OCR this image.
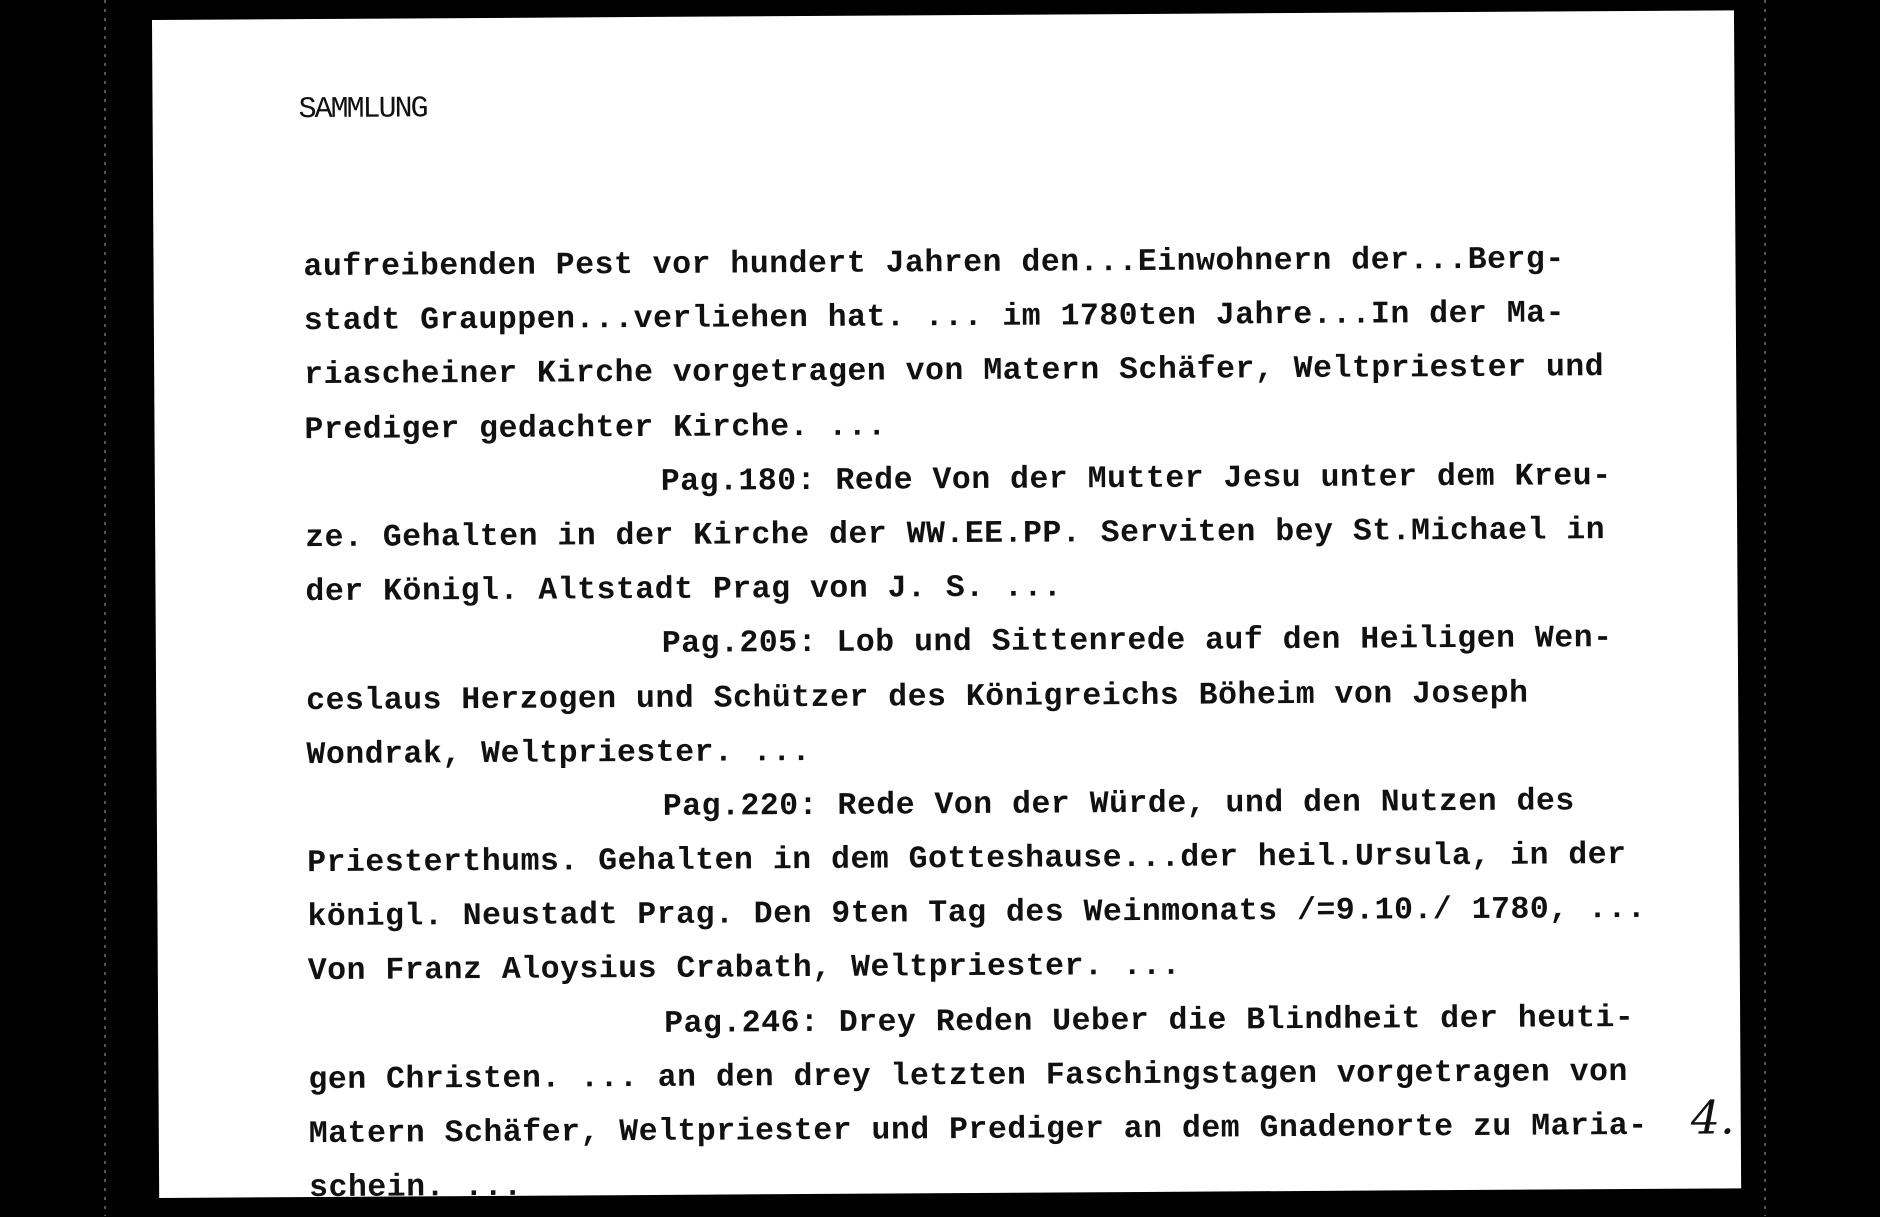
SAMMLUNG
aufreibenden Pest vor hundert Jahren den...Einwohnern der...Berg-
stadt Grauppen...verliehen hat. ... im 1780ten Jahre...In der Ma-
riascheiner Kirche vorgetragen von Matern Schäfer, Weltpriester und
Prediger gedachter Kirche. ...
Pag.180: Rede Von der Mutter Jesu unter dem Kreu-
ze. Gehalten in der Kirche der WW.EE.PP. Serviten bey St.Michael in
der Königl. Altstadt Prag von J. S. ...
Pag.205: Lob und Sittenrede auf den Heiligen Wen-
ceslaus Herzogen und Schützer des Königreichs Böheim von Joseph
Wondrak, Weltpriester. ...
Pag.220: Rede Von der Würde, und den Nutzen des
Priesterthums. Gehalten in dem Gotteshause...der heil.Ursula, in der
königl. Neustadt Prag. Den 9ten Tag des Weinmonats /=9.10./ 1780, ...
Von Franz Aloysius Crabath, Weltpriester. ...
Pag.246: Drey Reden Ueber die Blindheit der heuti-
gen Christen. ... an den drey letzten Faschingstagen vorgetragen von
Matern Schäfer, Weltpriester und Prediger an dem Gnadenorte zu Maria-
schein. ...
4.
